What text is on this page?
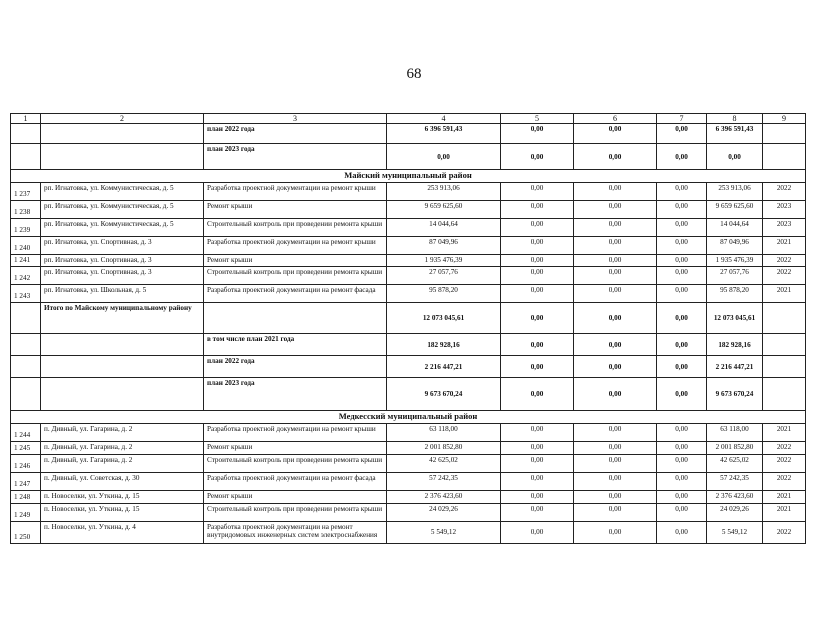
68
1	2	3	4	5	6	7	8	9
		план 2022 года	6 396 591,43	0,00	0,00	0,00	6 396 591,43	
		план 2023 года	0,00	0,00	0,00	0,00	0,00	
Майский муниципальный район								
1 237	рп. Игнатовка, ул. Коммунистическая, д. 5	Разработка проектной документации на ремонт крыши	253 913,06	0,00	0,00	0,00	253 913,06	2022
1 238	рп. Игнатовка, ул. Коммунистическая, д. 5	Ремонт крыши	9 659 625,60	0,00	0,00	0,00	9 659 625,60	2023
1 239	рп. Игнатовка, ул. Коммунистическая, д. 5	Строительный контроль при проведении ремонта крыши	14 044,64	0,00	0,00	0,00	14 044,64	2023
1 240	рп. Игнатовка, ул. Спортивная, д. 3	Разработка проектной документации на ремонт крыши	87 049,96	0,00	0,00	0,00	87 049,96	2021
1 241	рп. Игнатовка, ул. Спортивная, д. 3	Ремонт крыши	1 935 476,39	0,00	0,00	0,00	1 935 476,39	2022
1 242	рп. Игнатовка, ул. Спортивная, д. 3	Строительный контроль при проведении ремонта крыши	27 057,76	0,00	0,00	0,00	27 057,76	2022
1 243	рп. Игнатовка, ул. Школьная, д. 5	Разработка проектной документации на ремонт фасада	95 878,20	0,00	0,00	0,00	95 878,20	2021
	Итого по Майскому муниципальному району		12 073 045,61	0,00	0,00	0,00	12 073 045,61	
		в том числе план 2021 года	182 928,16	0,00	0,00	0,00	182 928,16	
		план 2022 года	2 216 447,21	0,00	0,00	0,00	2 216 447,21	
		план 2023 года	9 673 670,24	0,00	0,00	0,00	9 673 670,24	
Медкесский муниципальный район								
1 244	п. Дивный, ул. Гагарина, д. 2	Разработка проектной документации на ремонт крыши	63 118,00	0,00	0,00	0,00	63 118,00	2021
1 245	п. Дивный, ул. Гагарина, д. 2	Ремонт крыши	2 001 852,80	0,00	0,00	0,00	2 001 852,80	2022
1 246	п. Дивный, ул. Гагарина, д. 2	Строительный контроль при проведении ремонта крыши	42 625,02	0,00	0,00	0,00	42 625,02	2022
1 247	п. Дивный, ул. Советская, д. 30	Разработка проектной документации на ремонт фасада	57 242,35	0,00	0,00	0,00	57 242,35	2022
1 248	п. Новоселки, ул. Уткина, д. 15	Ремонт крыши	2 376 423,60	0,00	0,00	0,00	2 376 423,60	2021
1 249	п. Новоселки, ул. Уткина, д. 15	Строительный контроль при проведении ремонта крыши	24 029,26	0,00	0,00	0,00	24 029,26	2021
1 250	п. Новоселки, ул. Уткина, д. 4	Разработка проектной документации на ремонт внутридомовых инженерных систем электроснабжения	5 549,12	0,00	0,00	0,00	5 549,12	2022
